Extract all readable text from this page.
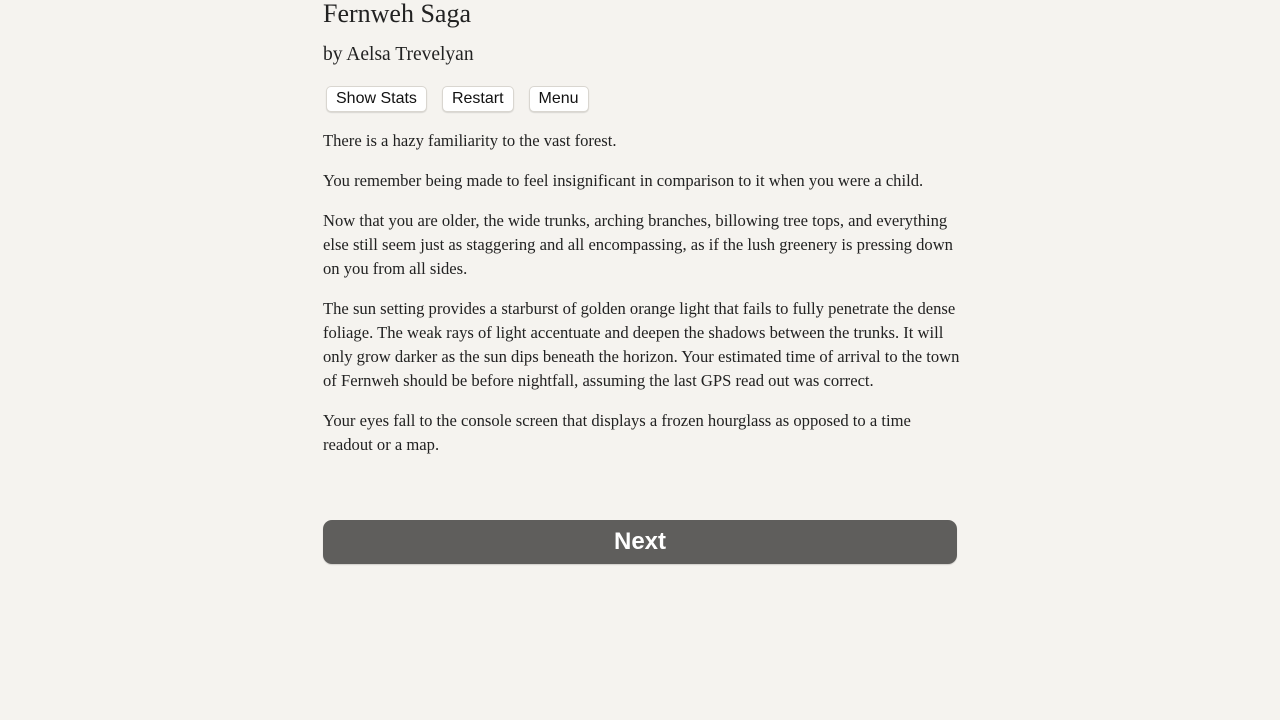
Fernweh Saga
by Aelsa Trevelyan
Show Stats	Restart	Menu

There is a hazy familiarity to the vast forest.

You remember being made to feel insignificant in comparison to it when you were a child.

Now that you are older, the wide trunks, arching branches, billowing tree tops, and everything else still seem just as staggering and all encompassing, as if the lush greenery is pressing down on you from all sides.

The sun setting provides a starburst of golden orange light that fails to fully penetrate the dense foliage. The weak rays of light accentuate and deepen the shadows between the trunks. It will only grow darker as the sun dips beneath the horizon. Your estimated time of arrival to the town of Fernweh should be before nightfall, assuming the last GPS read out was correct.

Your eyes fall to the console screen that displays a frozen hourglass as opposed to a time readout or a map.

Next
